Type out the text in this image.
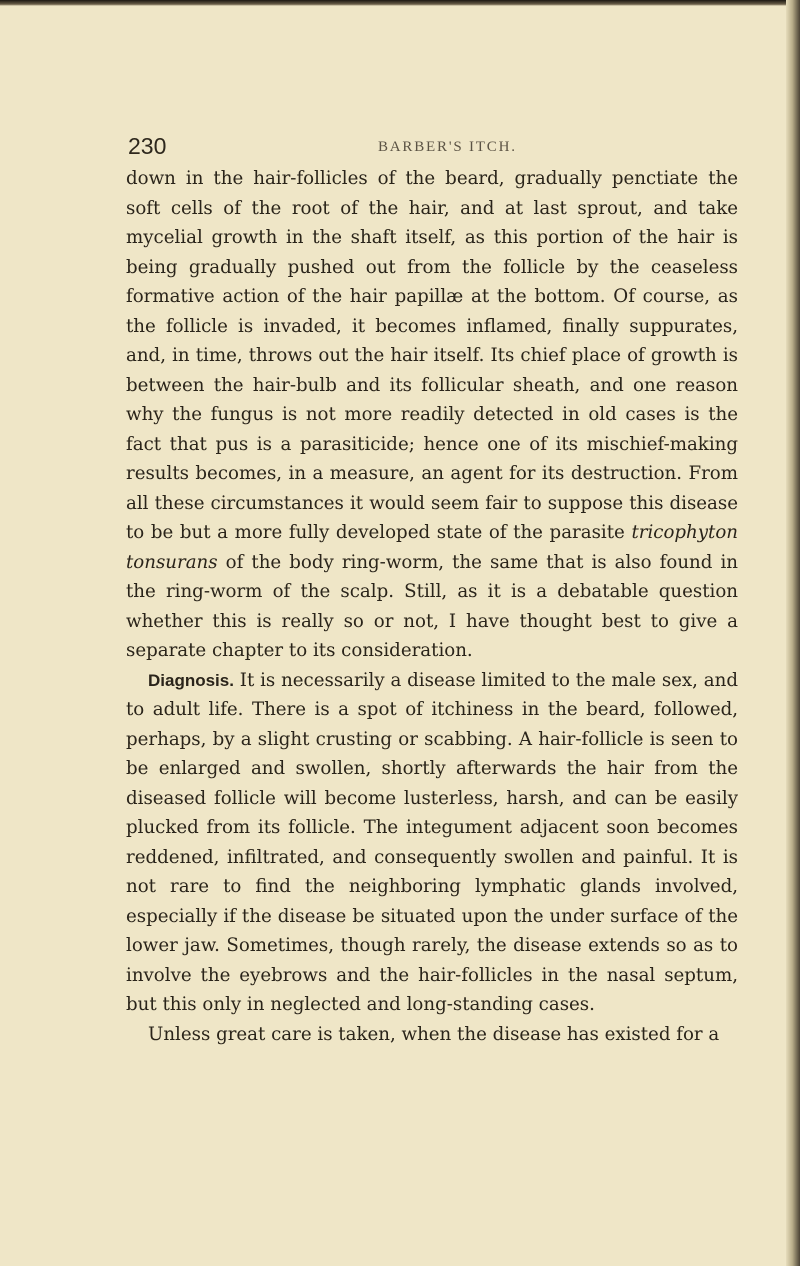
230	BARBER'S ITCH.

down in the hair-follicles of the beard, gradually penctiate the soft cells of the root of the hair, and at last sprout, and take mycelial growth in the shaft itself, as this portion of the hair is being gradually pushed out from the follicle by the ceaseless formative action of the hair papillæ at the bottom. Of course, as the follicle is invaded, it becomes inflamed, finally suppurates, and, in time, throws out the hair itself. Its chief place of growth is between the hair-bulb and its follicular sheath, and one reason why the fungus is not more readily detected in old cases is the fact that pus is a parasiticide; hence one of its mischief-making results becomes, in a measure, an agent for its destruction. From all these circumstances it would seem fair to suppose this disease to be but a more fully developed state of the parasite tricophyton tonsurans of the body ring-worm, the same that is also found in the ring-worm of the scalp. Still, as it is a debatable question whether this is really so or not, I have thought best to give a separate chapter to its consideration.

Diagnosis. It is necessarily a disease limited to the male sex, and to adult life. There is a spot of itchiness in the beard, followed, perhaps, by a slight crusting or scabbing. A hair-follicle is seen to be enlarged and swollen, shortly afterwards the hair from the diseased follicle will become lusterless, harsh, and can be easily plucked from its follicle. The integument adjacent soon becomes reddened, infiltrated, and consequently swollen and painful. It is not rare to find the neighboring lymphatic glands involved, especially if the disease be situated upon the under surface of the lower jaw. Sometimes, though rarely, the disease extends so as to involve the eyebrows and the hair-follicles in the nasal septum, but this only in neglected and long-standing cases.

Unless great care is taken, when the disease has existed for a
